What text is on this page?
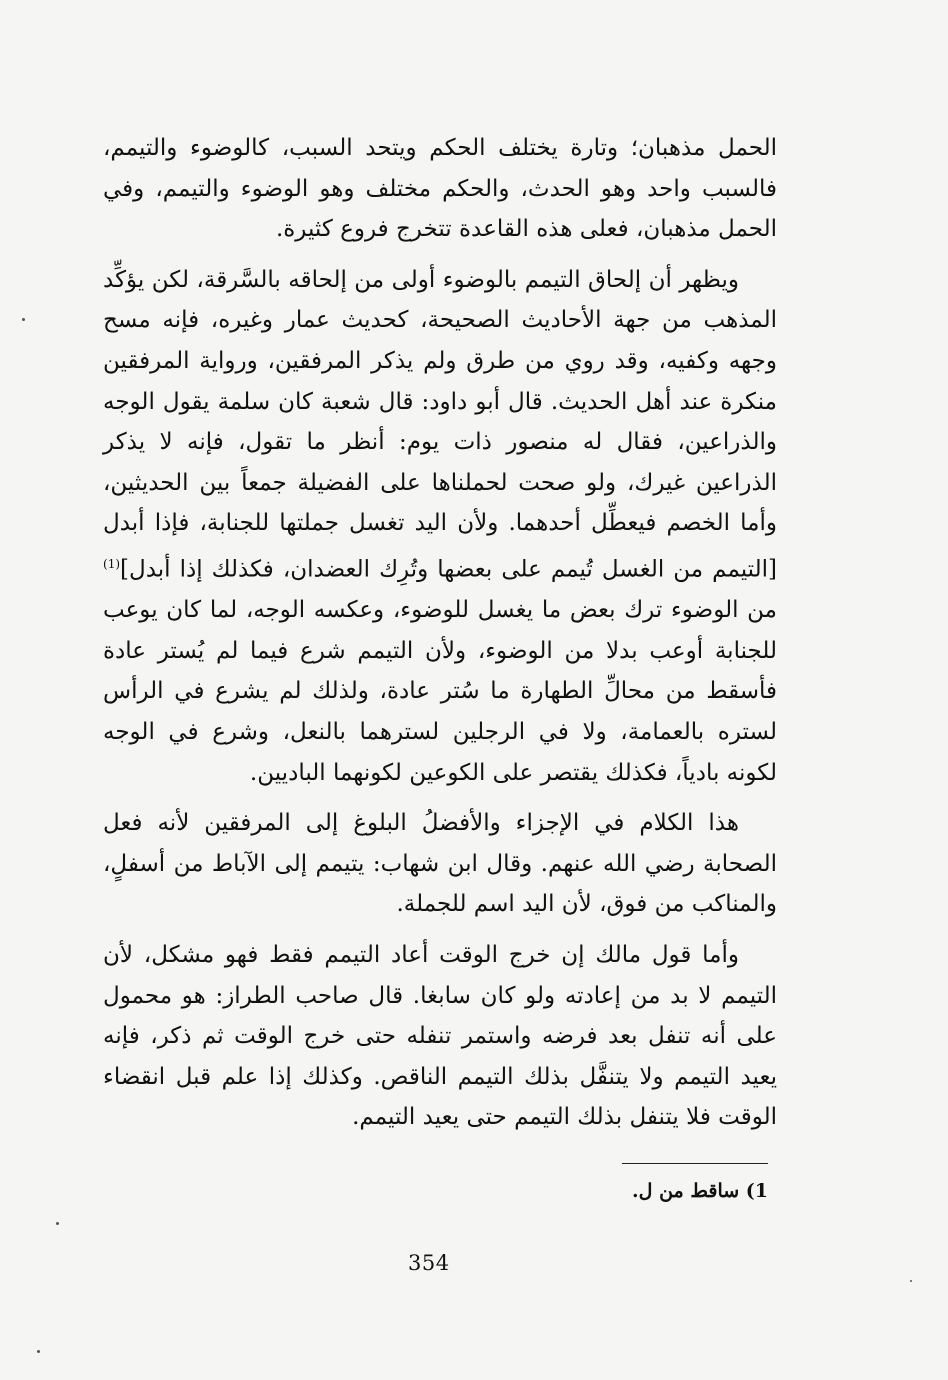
الحمل مذهبان؛ وتارة يختلف الحكم ويتحد السبب، كالوضوء والتيمم، فالسبب واحد وهو الحدث، والحكم مختلف وهو الوضوء والتيمم، وفي الحمل مذهبان، فعلى هذه القاعدة تتخرج فروع كثيرة.

ويظهر أن إلحاق التيمم بالوضوء أولى من إلحاقه بالسَّرقة، لكن يؤكِّد المذهب من جهة الأحاديث الصحيحة، كحديث عمار وغيره، فإنه مسح وجهه وكفيه، وقد روي من طرق ولم يذكر المرفقين، ورواية المرفقين منكرة عند أهل الحديث. قال أبو داود: قال شعبة كان سلمة يقول الوجه والذراعين، فقال له منصور ذات يوم: أنظر ما تقول، فإنه لا يذكر الذراعين غيرك، ولو صحت لحملناها على الفضيلة جمعاً بين الحديثين، وأما الخصم فيعطِّل أحدهما. ولأن اليد تغسل جملتها للجنابة، فإذا أبدل [التيمم من الغسل تُيمم على بعضها وتُرِك العضدان، فكذلك إذا أبدل]$^{(1)}$ من الوضوء ترك بعض ما يغسل للوضوء، وعكسه الوجه، لما كان يوعب للجنابة أوعب بدلا من الوضوء، ولأن التيمم شرع فيما لم يُستر عادة فأسقط من محالِّ الطهارة ما سُتر عادة، ولذلك لم يشرع في الرأس لستره بالعمامة، ولا في الرجلين لسترهما بالنعل، وشرع في الوجه لكونه بادياً، فكذلك يقتصر على الكوعين لكونهما الباديين.

هذا الكلام في الإجزاء والأفضلُ البلوغ إلى المرفقين لأنه فعل الصحابة رضي الله عنهم. وقال ابن شهاب: يتيمم إلى الآباط من أسفلٍ، والمناكب من فوق، لأن اليد اسم للجملة.

وأما قول مالك إن خرج الوقت أعاد التيمم فقط فهو مشكل، لأن التيمم لا بد من إعادته ولو كان سابغا. قال صاحب الطراز: هو محمول على أنه تنفل بعد فرضه واستمر تنفله حتى خرج الوقت ثم ذكر، فإنه يعيد التيمم ولا يتنفَّل بذلك التيمم الناقص. وكذلك إذا علم قبل انقضاء الوقت فلا يتنفل بذلك التيمم حتى يعيد التيمم.

1) ساقط من ل.
354
